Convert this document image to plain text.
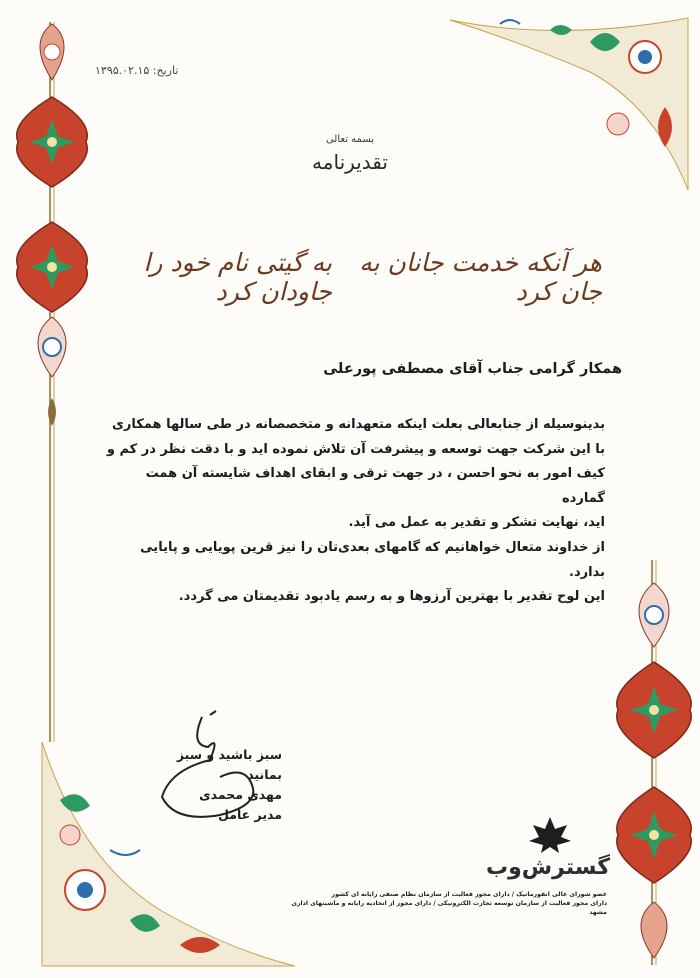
تاریخ: ۱۳۹۵.۰۲.۱۵
بسمه تعالی
تقدیرنامه
هر آنکه خدمت جانان به جان کرد
به گیتی نام خود را جاودان کرد
همکار گرامی جناب آقای مصطفی پورعلی
بدینوسیله از جنابعالی بعلت اینکه متعهدانه و متخصصانه در طی سالها همکاری
با این شرکت جهت توسعه و پیشرفت آن تلاش نموده اید و با دقت نظر در کم و
کیف امور به نحو احسن ، در جهت ترقی و ابقای اهداف شایسته آن همت گمارده
اید، نهایت تشکر و تقدیر به عمل می آید.
از خداوند متعال خواهانیم که گامهای بعدی‌تان را نیز قرین پویایی و پایایی بدارد.
این لوح تقدیر با بهترین آرزوها و به رسم یادبود تقدیمتان می گردد.
سبز باشید و سبز بمانید
مهدی محمدی
مدیر عامل
گسترش‌وب
عضو شورای عالی انفورماتیک / دارای مجوز فعالیت از سازمان نظام صنفی رایانه ای کشور
دارای مجوز فعالیت از سازمان توسعه تجارت الکترونیکی / دارای مجوز از اتحادیه رایانه و ماشینهای اداری مشهد
